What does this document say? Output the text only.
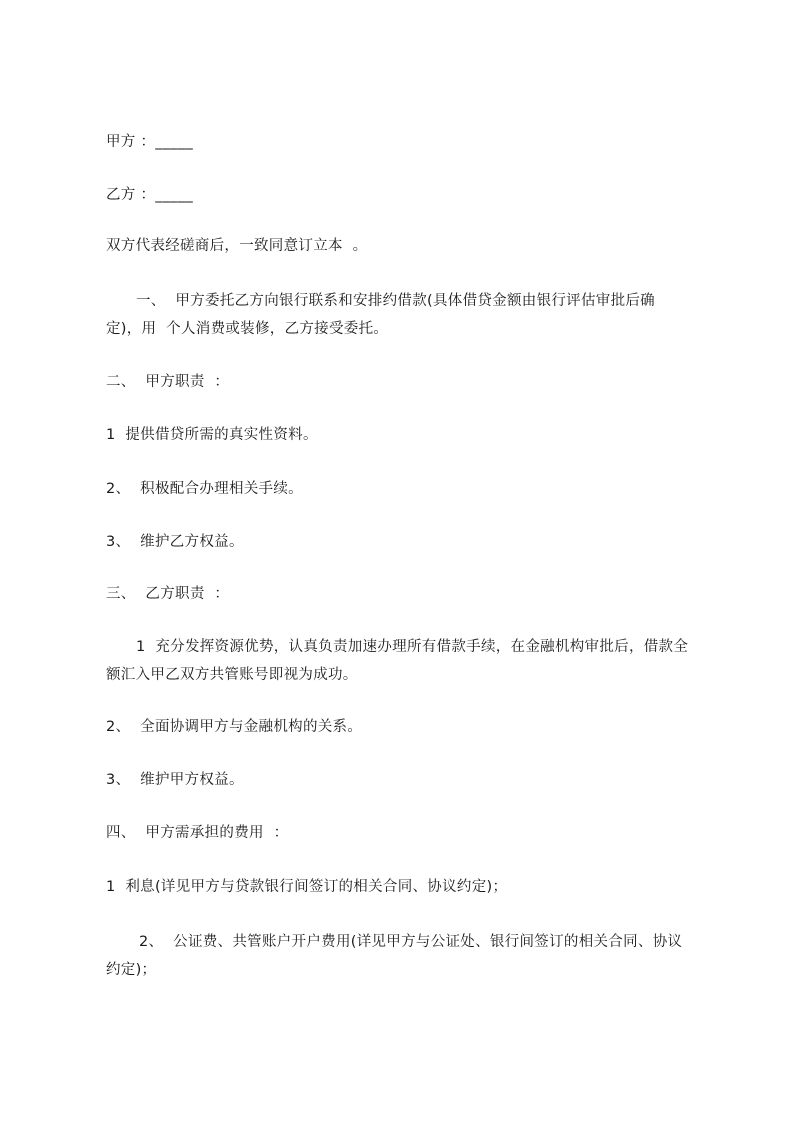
甲方 ：_____

乙方 ：_____

双方代表经磋商后，一致同意订立本  。

一、  甲方委托乙方向银行联系和安排约借款(具体借贷金额由银行评估审批后确定)，用  个人消费或装修，乙方接受委托。

二、  甲方职责  ：

1  提供借贷所需的真实性资料。

2、  积极配合办理相关手续。

3、  维护乙方权益。

三、  乙方职责  ：

1  充分发挥资源优势，认真负责加速办理所有借款手续，在金融机构审批后，借款全额汇入甲乙双方共管账号即视为成功。

2、  全面协调甲方与金融机构的关系。

3、  维护甲方权益。

四、  甲方需承担的费用  ：

1  利息(详见甲方与贷款银行间签订的相关合同、协议约定)；

2、  公证费、共管账户开户费用(详见甲方与公证处、银行间签订的相关合同、协议约定)；
